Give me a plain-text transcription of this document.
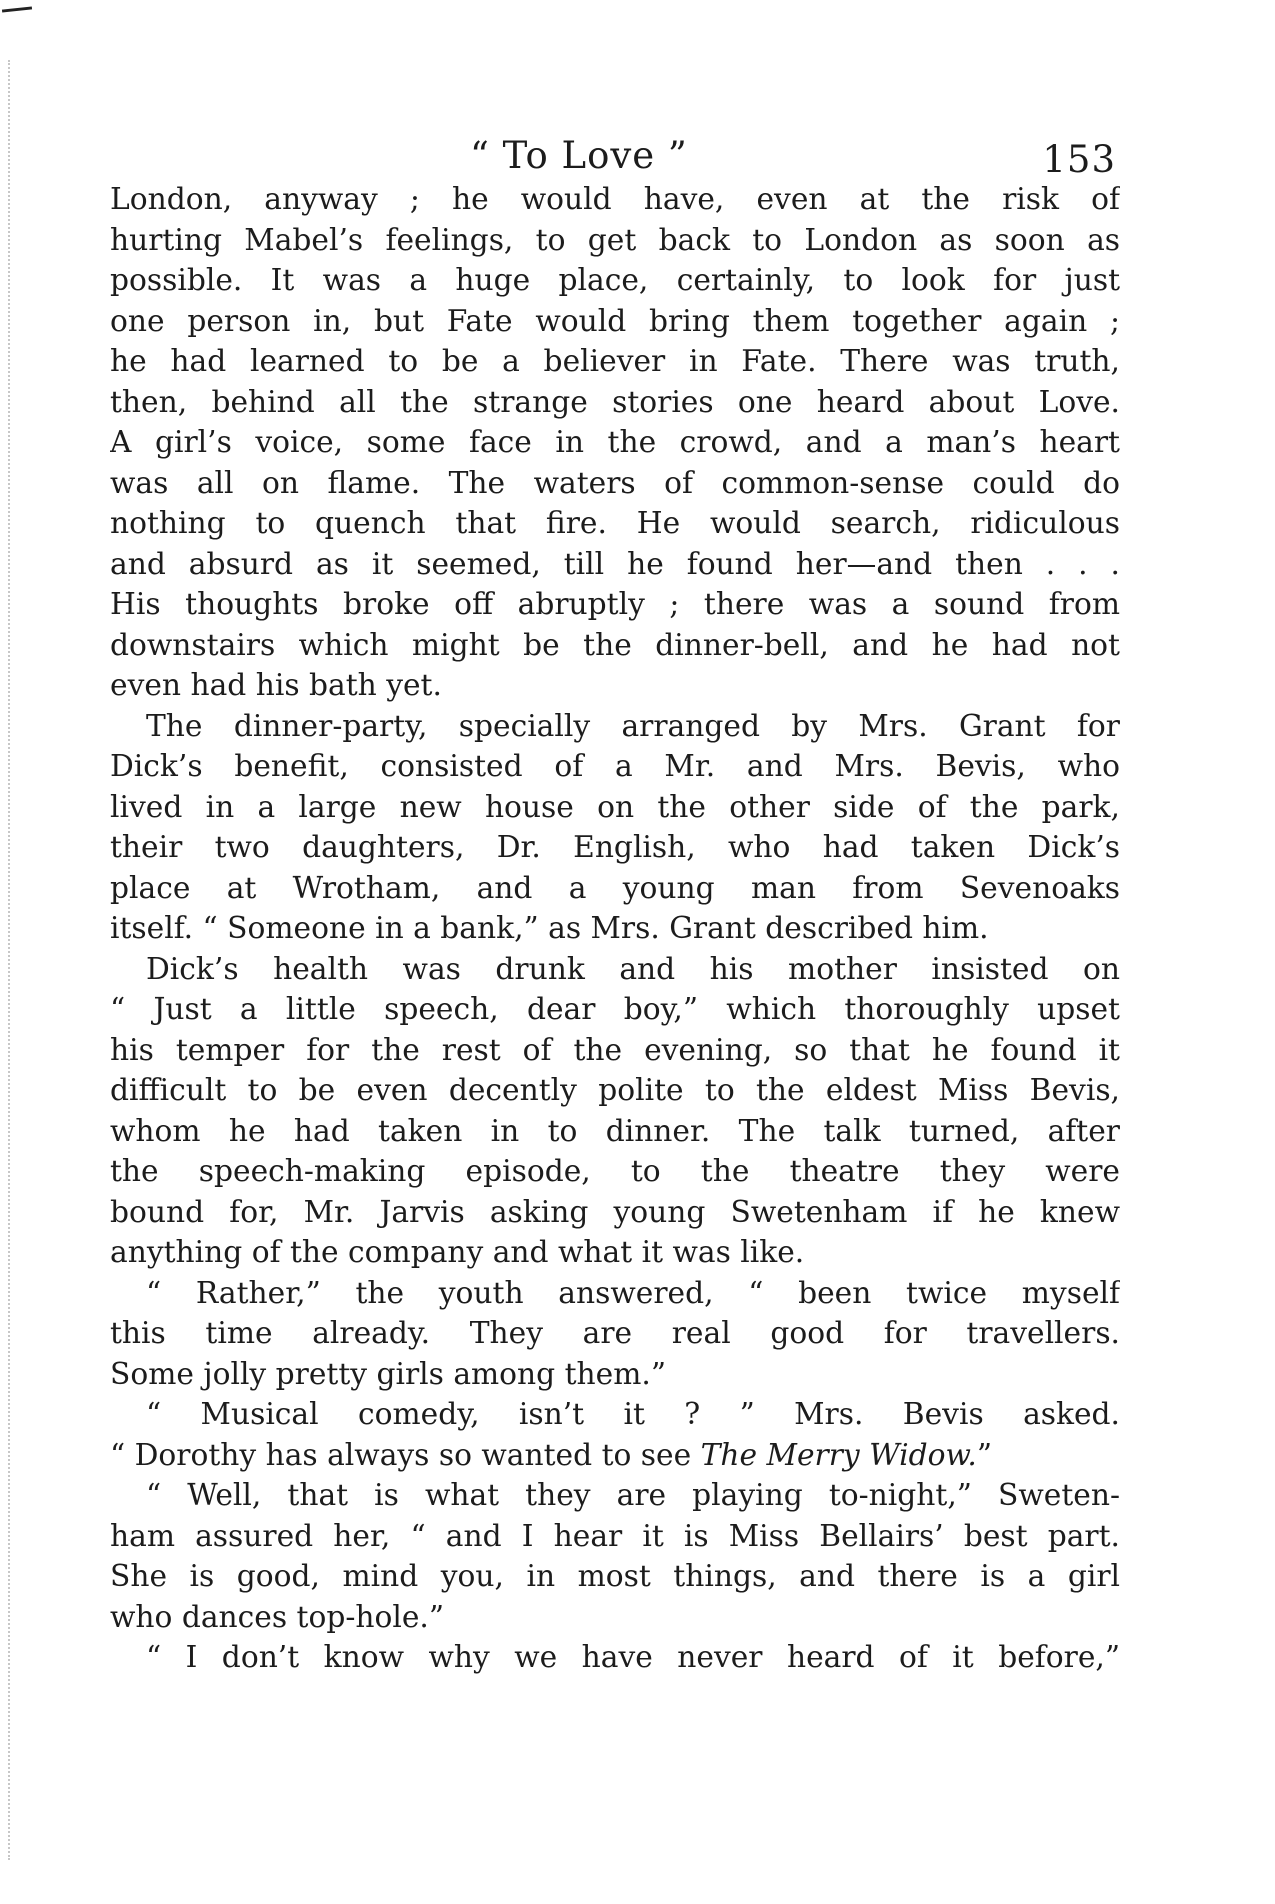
“ To Love ”	153
London, anyway ; he would have, even at the risk of
hurting Mabel’s feelings, to get back to London as soon as
possible. It was a huge place, certainly, to look for just
one person in, but Fate would bring them together again ;
he had learned to be a believer in Fate. There was truth,
then, behind all the strange stories one heard about Love.
A girl’s voice, some face in the crowd, and a man’s heart
was all on flame. The waters of common-sense could do
nothing to quench that fire. He would search, ridiculous
and absurd as it seemed, till he found her—and then . . .
His thoughts broke off abruptly ; there was a sound from
downstairs which might be the dinner-bell, and he had not
even had his bath yet.
The dinner-party, specially arranged by Mrs. Grant for
Dick’s benefit, consisted of a Mr. and Mrs. Bevis, who
lived in a large new house on the other side of the park,
their two daughters, Dr. English, who had taken Dick’s
place at Wrotham, and a young man from Sevenoaks
itself. “ Someone in a bank,” as Mrs. Grant described him.
Dick’s health was drunk and his mother insisted on
“ Just a little speech, dear boy,” which thoroughly upset
his temper for the rest of the evening, so that he found it
difficult to be even decently polite to the eldest Miss Bevis,
whom he had taken in to dinner. The talk turned, after
the speech-making episode, to the theatre they were
bound for, Mr. Jarvis asking young Swetenham if he knew
anything of the company and what it was like.
“ Rather,” the youth answered, “ been twice myself
this time already. They are real good for travellers.
Some jolly pretty girls among them.”
“ Musical comedy, isn’t it ? ” Mrs. Bevis asked.
“ Dorothy has always so wanted to see The Merry Widow.”
“ Well, that is what they are playing to-night,” Sweten-
ham assured her, “ and I hear it is Miss Bellairs’ best part.
She is good, mind you, in most things, and there is a girl
who dances top-hole.”
“ I don’t know why we have never heard of it before,”
